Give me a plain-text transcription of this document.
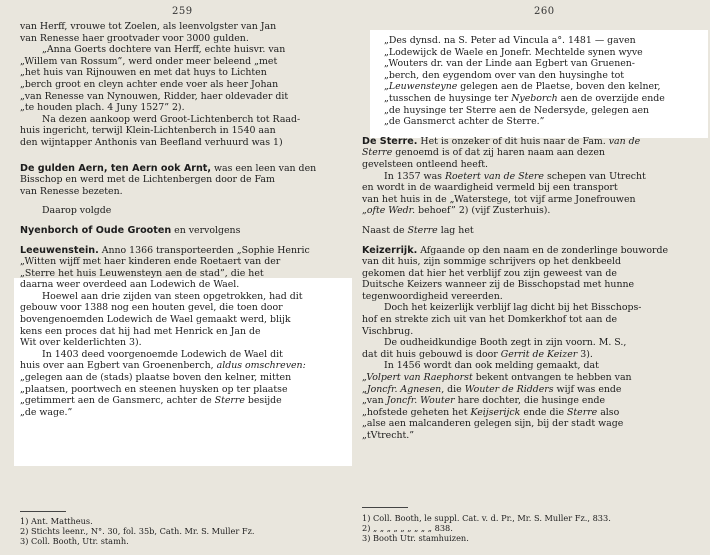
259

van Herff, vrouwe tot Zoelen, als leenvolgster van Jan

van Renesse haer grootvader voor 3000 gulden.

„Anna Goerts dochtere van Herff, echte huisvr. van

„Willem van Rossum”, werd onder meer beleend „met

„het huis van Rijnouwen en met dat huys to Lichten

„berch groot en cleyn achter ende voer als heer Johan

„van Renesse van Nynouwen, Ridder, haer oldevader dit

„te houden plach. 4 Juny 1527” 2).

Na dezen aankoop werd Groot-Lichtenberch tot Raad-

huis ingericht, terwijl Klein-Lichtenberch in 1540 aan

den wijntapper Anthonis van Beefland verhuurd was 1)

De gulden Aern, ten Aern ook Arnt, was een leen van den

Bisschop en werd met de Lichtenbergen door de Fam

van Renesse bezeten.

Daarop volgde

Nyenborch of Oude Grooten en vervolgens

Leeuwenstein. Anno 1366 transporteerden „Sophie Henric

„Witten wijff met haer kinderen ende Roetaert van der

„Sterre het huis Leuwensteyn aen de stad”, die het

daarna weer overdeed aan Lodewich de Wael.

Hoewel aan drie zijden van steen opgetrokken, had dit

gebouw voor 1388 nog een houten gevel, die toen door

bovengenoemden Lodewich de Wael gemaakt werd, blijk

kens een proces dat hij had met Henrick en Jan de

Wit over kelderlichten 3).

In 1403 deed voorgenoemde Lodewich de Wael dit

huis over aan Egbert van Groenenberch, aldus omschreven:

„gelegen aan de (stads) plaatse boven den kelner, mitten

„plaatsen, poortwech en steenen huysken op ter plaatse

„getimmert aen de Gansmerc, achter de Sterre besijde

„de wage.”

1) Ant. Mattheus.

2) Stichts leenr., N°. 30, fol. 35b, Cath. Mr. S. Muller Fz.

3) Coll. Booth, Utr. stamh.

260

„Des dynsd. na S. Peter ad Vincula a°. 1481 — gaven

„Lodewijck de Waele en Jonefr. Mechtelde synen wyve

„Wouters dr. van der Linde aan Egbert van Gruenen-

„berch, den eygendom over van den huysinghe tot

„Leuwensteyne gelegen aen de Plaetse, boven den kelner,

„tusschen de huysinge ter Nyeborch aen de overzijde ende

„de huysinge ter Sterre aen de Nedersyde, gelegen aen

„de Gansmerct achter de Sterre.”

De Sterre. Het is onzeker of dit huis naar de Fam. van de

Sterre genoemd is of dat zij haren naam aan dezen

gevelsteen ontleend heeft.

In 1357 was Roetert van de Stere schepen van Utrecht

en wordt in de waardigheid vermeld bij een transport

van het huis in de „Waterstege, tot vijf arme Jonefrouwen

„ofte Wedr. behoef” 2) (vijf Zusterhuis).

Naast de Sterre lag het

Keizerrijk. Afgaande op den naam en de zonderlinge bouworde

van dit huis, zijn sommige schrijvers op het denkbeeld

gekomen dat hier het verblijf zou zijn geweest van de

Duitsche Keizers wanneer zij de Bisschopstad met hunne

tegenwoordigheid vereerden.

Doch het keizerlijk verblijf lag dicht bij het Bisschops-

hof en strekte zich uit van het Domkerkhof tot aan de

Vischbrug.

De oudheidkundige Booth zegt in zijn voorn. M. S.,

dat dit huis gebouwd is door Gerrit de Keizer 3).

In 1456 wordt dan ook melding gemaakt, dat

„Volpert van Raephorst bekent ontvangen te hebben van

„Joncfr. Agnesen, die Wouter de Ridders wijf was ende

„van Joncfr. Wouter hare dochter, die husinge ende

„hofstede geheten het Keijserijck ende die Sterre also

„alse aen malcanderen gelegen sijn, bij der stadt wage

„tVtrecht.”

1) Coll. Booth, le suppl. Cat. v. d. Pr., Mr. S. Muller Fz., 833.

2) „ „ „ „ „ „ „ „ „ 838.

3) Booth Utr. stamhuizen.
